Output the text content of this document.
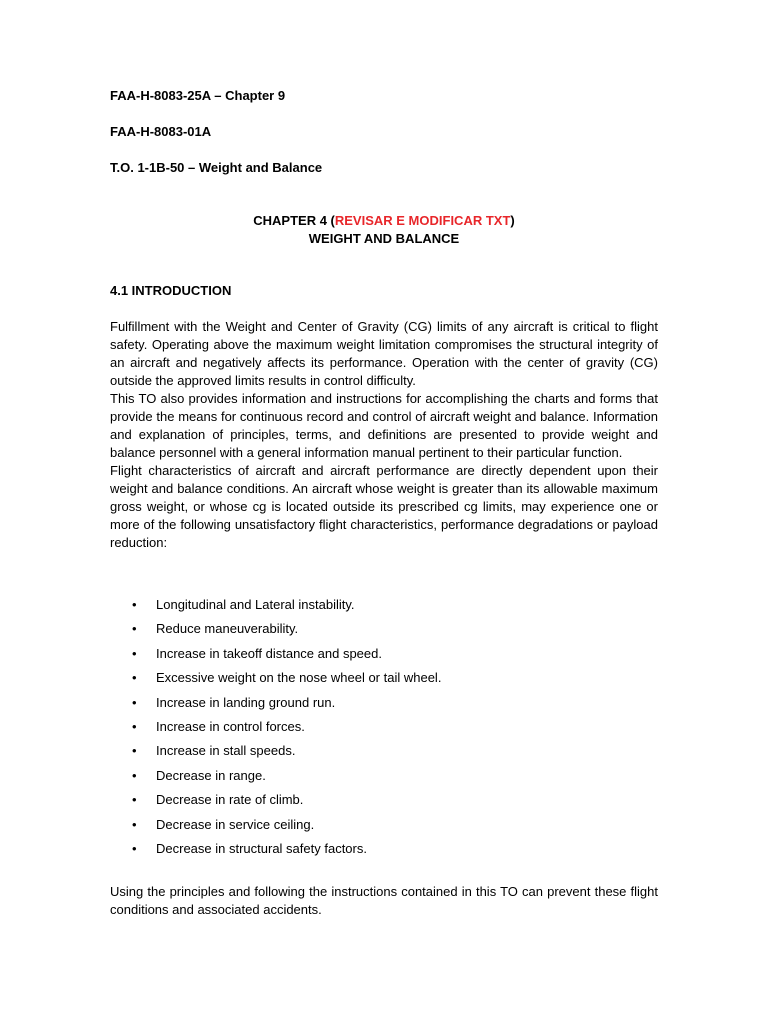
FAA-H-8083-25A – Chapter 9
FAA-H-8083-01A
T.O. 1-1B-50 – Weight and Balance
CHAPTER 4 (REVISAR E MODIFICAR TXT)
WEIGHT AND BALANCE
4.1 INTRODUCTION

Fulfillment with the Weight and Center of Gravity (CG) limits of any aircraft is critical to flight safety. Operating above the maximum weight limitation compromises the structural integrity of an aircraft and negatively affects its performance. Operation with the center of gravity (CG) outside the approved limits results in control difficulty.

This TO also provides information and instructions for accomplishing the charts and forms that provide the means for continuous record and control of aircraft weight and balance. Information and explanation of principles, terms, and definitions are presented to provide weight and balance personnel with a general information manual pertinent to their particular function.

Flight characteristics of aircraft and aircraft performance are directly dependent upon their weight and balance conditions. An aircraft whose weight is greater than its allowable maximum gross weight, or whose cg is located outside its prescribed cg limits, may experience one or more of the following unsatisfactory flight characteristics, performance degradations or payload reduction:

•	Longitudinal and Lateral instability.
•	Reduce maneuverability.
•	Increase in takeoff distance and speed.
•	Excessive weight on the nose wheel or tail wheel.
•	Increase in landing ground run.
•	Increase in control forces.
•	Increase in stall speeds.
•	Decrease in range.
•	Decrease in rate of climb.
•	Decrease in service ceiling.
•	Decrease in structural safety factors.

Using the principles and following the instructions contained in this TO can prevent these flight conditions and associated accidents.
